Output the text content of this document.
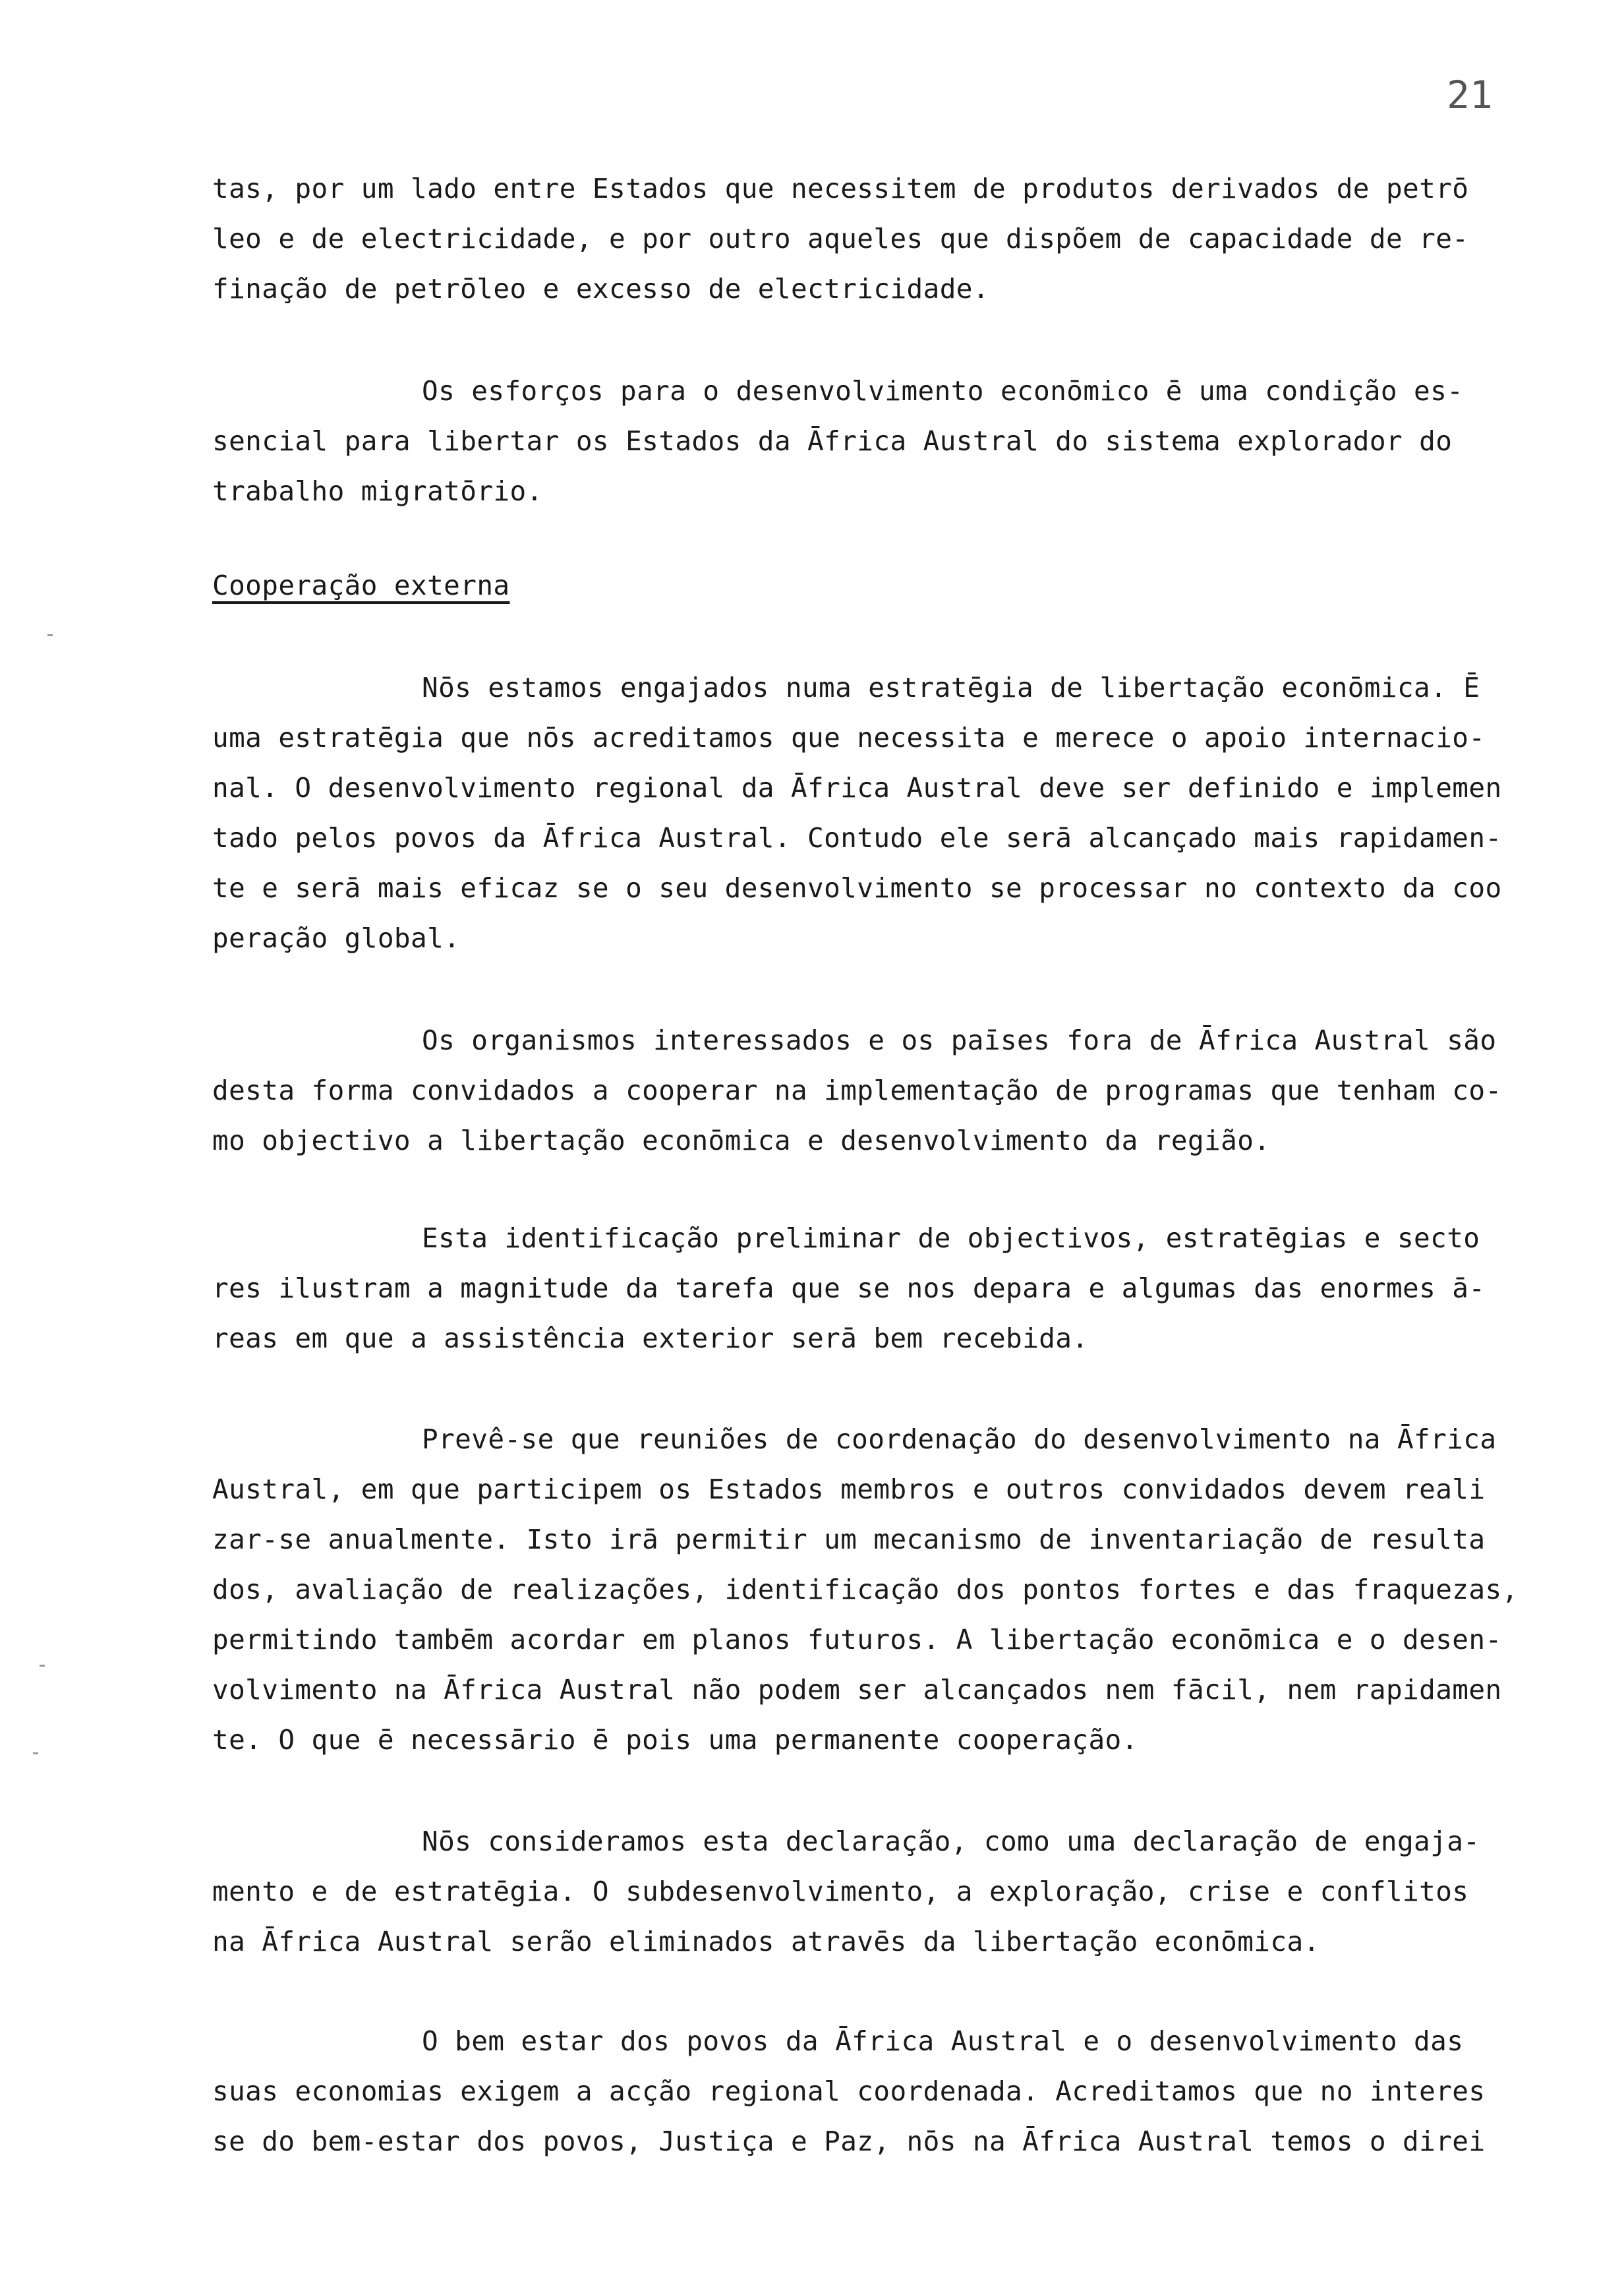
21
tas, por um lado entre Estados que necessitem de produtos derivados de petrō
leo e de electricidade, e por outro aqueles que dispõem de capacidade de re-
finação de petrōleo e excesso de electricidade.
Os esforços para o desenvolvimento econōmico ē uma condição es-
sencial para libertar os Estados da Āfrica Austral do sistema explorador do
trabalho migratōrio.
Cooperação externa
Nōs estamos engajados numa estratēgia de libertação econōmica. Ē
uma estratēgia que nōs acreditamos que necessita e merece o apoio internacio-
nal. O desenvolvimento regional da Āfrica Austral deve ser definido e implemen
tado pelos povos da Āfrica Austral. Contudo ele serā alcançado mais rapidamen-
te e serā mais eficaz se o seu desenvolvimento se processar no contexto da coo
peração global.
Os organismos interessados e os paīses fora de Āfrica Austral são
desta forma convidados a cooperar na implementação de programas que tenham co-
mo objectivo a libertação econōmica e desenvolvimento da região.
Esta identificação preliminar de objectivos, estratēgias e secto
res ilustram a magnitude da tarefa que se nos depara e algumas das enormes ā-
reas em que a assistência exterior serā bem recebida.
Prevê-se que reuniões de coordenação do desenvolvimento na Āfrica
Austral, em que participem os Estados membros e outros convidados devem reali
zar-se anualmente. Isto irā permitir um mecanismo de inventariação de resulta
dos, avaliação de realizações, identificação dos pontos fortes e das fraquezas,
permitindo tambēm acordar em planos futuros. A libertação econōmica e o desen-
volvimento na Āfrica Austral não podem ser alcançados nem fācil, nem rapidamen
te. O que ē necessārio ē pois uma permanente cooperação.
Nōs consideramos esta declaração, como uma declaração de engaja-
mento e de estratēgia. O subdesenvolvimento, a exploração, crise e conflitos
na Āfrica Austral serão eliminados atravēs da libertação econōmica.
O bem estar dos povos da Āfrica Austral e o desenvolvimento das
suas economias exigem a acção regional coordenada. Acreditamos que no interes
se do bem-estar dos povos, Justiça e Paz, nōs na Āfrica Austral temos o direi
